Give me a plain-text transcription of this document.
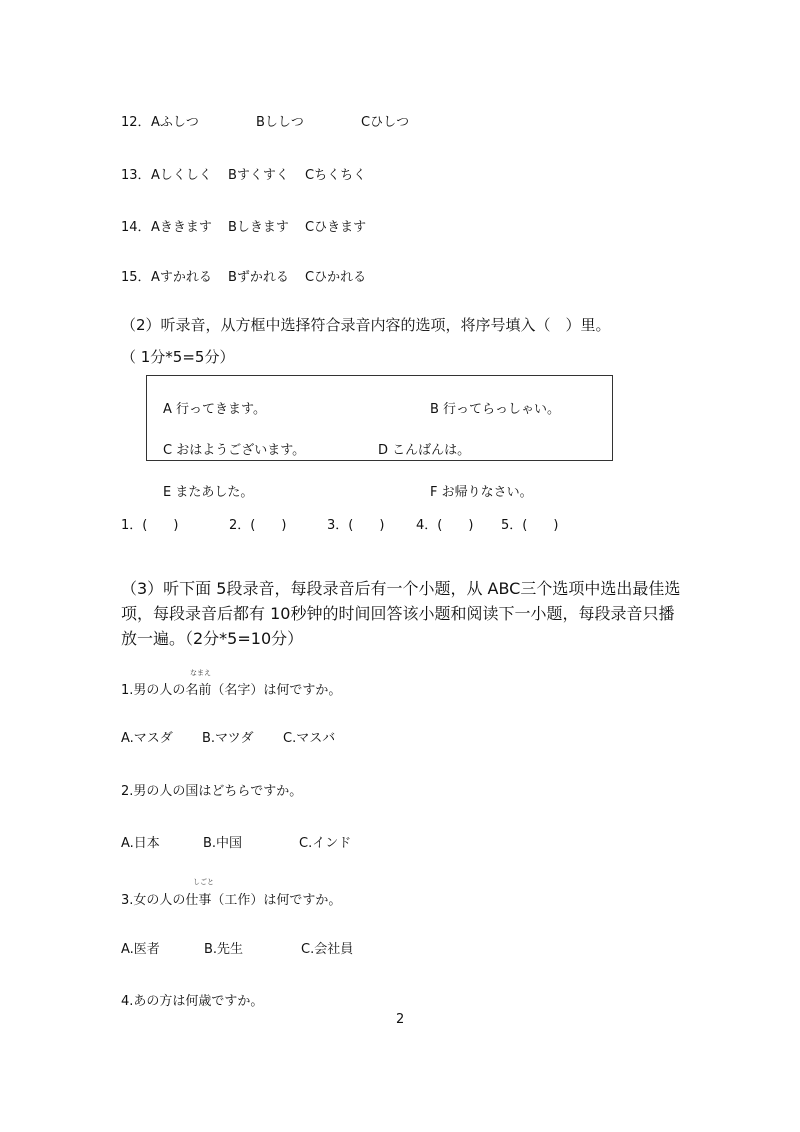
12． Aふしつ	Bししつ	Cひしつ
13． Aしくしく Bすくすく Cちくちく
14． Aききます Bしきます Cひきます
15． Aすかれる Bずかれる Cひかれる
（2）听录音，从方框中选择符合录音内容的选项，将序号填入（　）里。
（ 1分*5=5分）
A 行ってきます。	B 行ってらっしゃい。
C おはようございます。	D こんばんは。
E またあした。	F お帰りなさい。
1．(　　)	2．(　　)	3．(　　) 4．(　　) 5．(　　)
（3）听下面 5段录音，每段录音后有一个小题，从 ABC三个选项中选出最佳选
项，每段录音后都有 10秒钟的时间回答该小题和阅读下一小题，每段录音只播
放一遍。（2分*5=10分）
なまえ
1.男の人の名前（名字）は何ですか。
A.マスダ B.マツダ C.マスバ
2.男の人の国はどちらですか。
A.日本	B.中国	C.インド
しごと
3.女の人の仕事（工作）は何ですか。
A.医者	B.先生	C.会社員
4.あの方は何歳ですか。
2
